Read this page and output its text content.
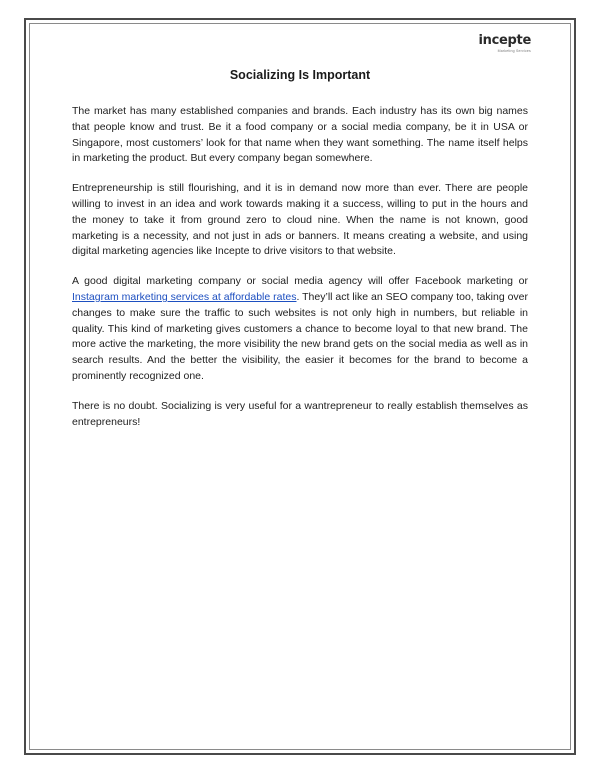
incepte
Marketing Services
Socializing Is Important

The market has many established companies and brands. Each industry has its own big names that people know and trust. Be it a food company or a social media company, be it in USA or Singapore, most customers’ look for that name when they want something. The name itself helps in marketing the product. But every company began somewhere.

Entrepreneurship is still flourishing, and it is in demand now more than ever. There are people willing to invest in an idea and work towards making it a success, willing to put in the hours and the money to take it from ground zero to cloud nine. When the name is not known, good marketing is a necessity, and not just in ads or banners. It means creating a website, and using digital marketing agencies like Incepte to drive visitors to that website.

A good digital marketing company or social media agency will offer Facebook marketing or Instagram marketing services at affordable rates. They’ll act like an SEO company too, taking over changes to make sure the traffic to such websites is not only high in numbers, but reliable in quality. This kind of marketing gives customers a chance to become loyal to that new brand. The more active the marketing, the more visibility the new brand gets on the social media as well as in search results. And the better the visibility, the easier it becomes for the brand to become a prominently recognized one.

There is no doubt. Socializing is very useful for a wantrepreneur to really establish themselves as entrepreneurs!
